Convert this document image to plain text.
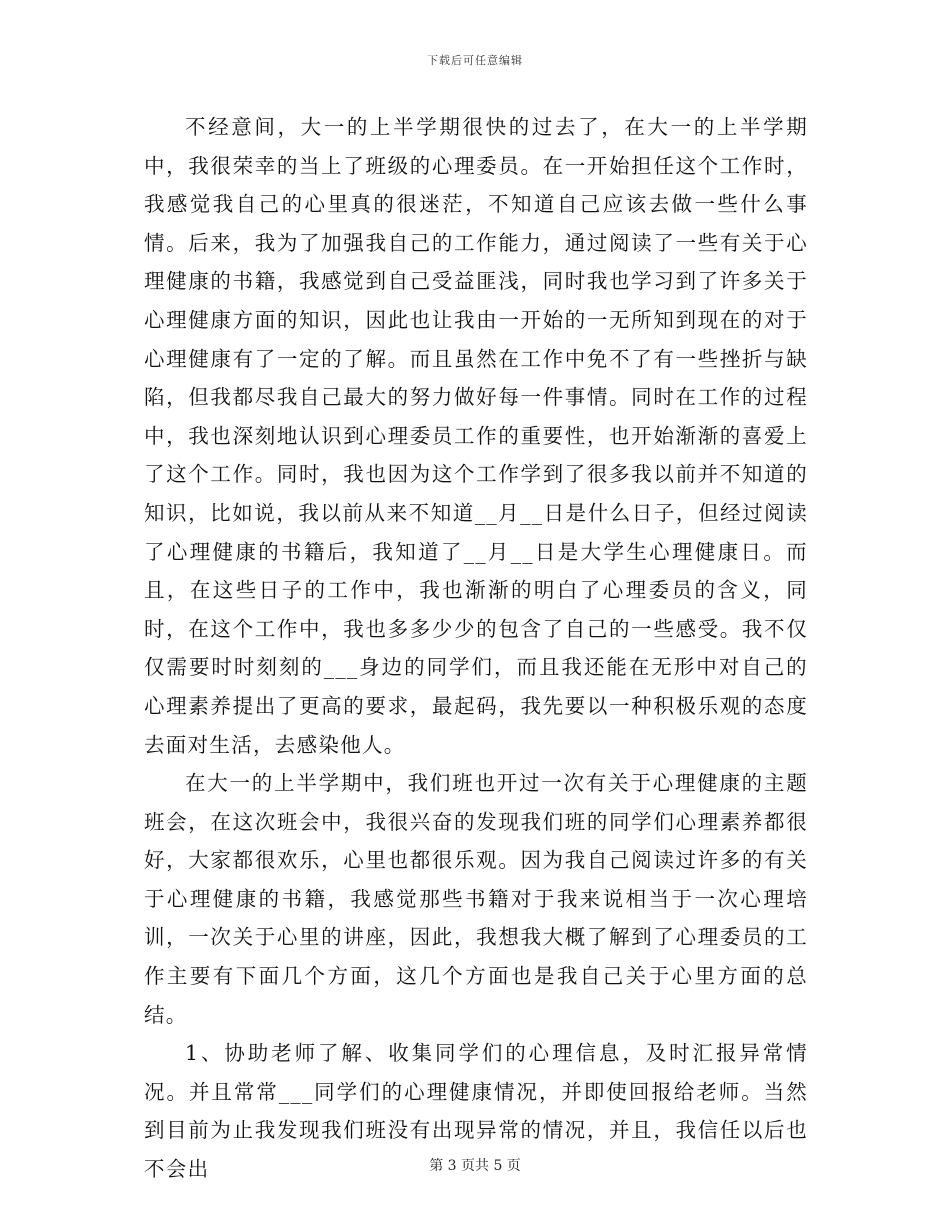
下载后可任意编辑

不经意间，大一的上半学期很快的过去了，在大一的上半学期中，我很荣幸的当上了班级的心理委员。在一开始担任这个工作时，我感觉我自己的心里真的很迷茫，不知道自己应该去做一些什么事情。后来，我为了加强我自己的工作能力，通过阅读了一些有关于心理健康的书籍，我感觉到自己受益匪浅，同时我也学习到了许多关于心理健康方面的知识，因此也让我由一开始的一无所知到现在的对于心理健康有了一定的了解。而且虽然在工作中免不了有一些挫折与缺陷，但我都尽我自己最大的努力做好每一件事情。同时在工作的过程中，我也深刻地认识到心理委员工作的重要性，也开始渐渐的喜爱上了这个工作。同时，我也因为这个工作学到了很多我以前并不知道的知识，比如说，我以前从来不知道__月__日是什么日子，但经过阅读了心理健康的书籍后，我知道了__月__日是大学生心理健康日。而且，在这些日子的工作中，我也渐渐的明白了心理委员的含义，同时，在这个工作中，我也多多少少的包含了自己的一些感受。我不仅仅需要时时刻刻的___身边的同学们，而且我还能在无形中对自己的心理素养提出了更高的要求，最起码，我先要以一种积极乐观的态度去面对生活，去感染他人。

在大一的上半学期中，我们班也开过一次有关于心理健康的主题班会，在这次班会中，我很兴奋的发现我们班的同学们心理素养都很好，大家都很欢乐，心里也都很乐观。因为我自己阅读过许多的有关于心理健康的书籍，我感觉那些书籍对于我来说相当于一次心理培训，一次关于心里的讲座，因此，我想我大概了解到了心理委员的工作主要有下面几个方面，这几个方面也是我自己关于心里方面的总结。

1、协助老师了解、收集同学们的心理信息，及时汇报异常情况。并且常常___同学们的心理健康情况，并即使回报给老师。当然到目前为止我发现我们班没有出现异常的情况，并且，我信任以后也不会出	第 3 页共 5 页
